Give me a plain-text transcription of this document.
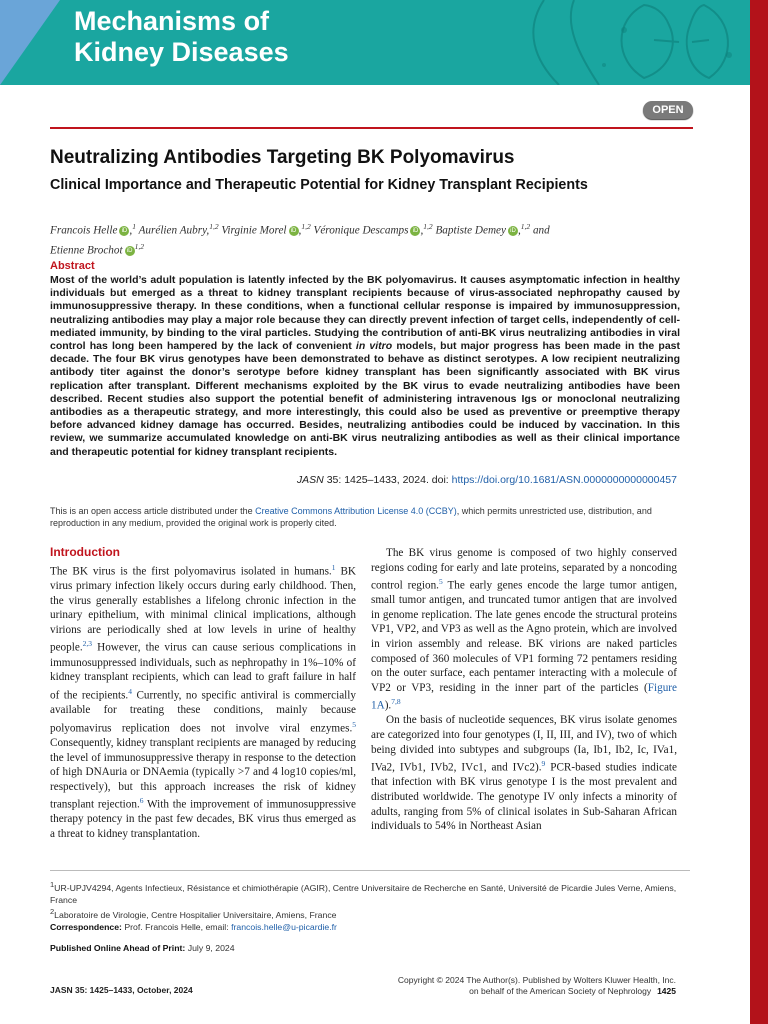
Mechanisms of
Kidney Diseases
OPEN
Neutralizing Antibodies Targeting BK Polyomavirus
Clinical Importance and Therapeutic Potential for Kidney Transplant Recipients
Francois Helle iD ,$^1$ Aurélien Aubry,$^{1,2}$ Virginie Morel iD ,$^{1,2}$ Véronique Descamps iD ,$^{1,2}$ Baptiste Demey iD ,$^{1,2}$ and
Etienne Brochot iD$^{1,2}$
Abstract
Most of the world’s adult population is latently infected by the BK polyomavirus. It causes asymptomatic infection in healthy individuals but emerged as a threat to kidney transplant recipients because of virus-associated nephropathy caused by immunosuppressive therapy. In these conditions, when a functional cellular response is impaired by immunosuppression, neutralizing antibodies may play a major role because they can directly prevent infection of target cells, independently of cell-mediated immunity, by binding to the viral particles. Studying the contribution of anti-BK virus neutralizing antibodies in viral control has long been hampered by the lack of convenient in vitro models, but major progress has been made in the past decade. The four BK virus genotypes have been demonstrated to behave as distinct serotypes. A low recipient neutralizing antibody titer against the donor’s serotype before kidney transplant has been significantly associated with BK virus replication after transplant. Different mechanisms exploited by the BK virus to evade neutralizing antibodies have been described. Recent studies also support the potential benefit of administering intravenous Igs or monoclonal neutralizing antibodies as a therapeutic strategy, and more interestingly, this could also be used as preventive or preemptive therapy before advanced kidney damage has occurred. Besides, neutralizing antibodies could be induced by vaccination. In this review, we summarize accumulated knowledge on anti-BK virus neutralizing antibodies as well as their clinical importance and therapeutic potential for kidney transplant recipients.
JASN 35: 1425–1433, 2024. doi: https://doi.org/10.1681/ASN.0000000000000457
This is an open access article distributed under the Creative Commons Attribution License 4.0 (CCBY), which permits unrestricted use, distribution, and reproduction in any medium, provided the original work is properly cited.
Introduction

The BK virus is the first polyomavirus isolated in humans.$^1$ BK virus primary infection likely occurs during early childhood. Then, the virus generally establishes a lifelong chronic infection in the urinary epithelium, with minimal clinical implications, although virions are periodically shed at low levels in urine of healthy people.$^{2,3}$ However, the virus can cause serious complications in immunosuppressed individuals, such as nephropathy in 1%–10% of kidney transplant recipients, which can lead to graft failure in half of the recipients.$^4$ Currently, no specific antiviral is commercially available for treating these conditions, mainly because polyomavirus replication does not involve viral enzymes.$^5$ Consequently, kidney transplant recipients are managed by reducing the level of immunosuppressive therapy in response to the detection of high DNAuria or DNAemia (typically >7 and 4 log10 copies/ml, respectively), but this approach increases the risk of kidney transplant rejection.$^6$ With the improvement of immunosuppressive therapy potency in the past few decades, BK virus thus emerged as a threat to kidney transplantation.

The BK virus genome is composed of two highly conserved regions coding for early and late proteins, separated by a noncoding control region.$^5$ The early genes encode the large tumor antigen, small tumor antigen, and truncated tumor antigen that are involved in genome replication. The late genes encode the structural proteins VP1, VP2, and VP3 as well as the Agno protein, which are involved in virion assembly and release. BK virions are naked particles composed of 360 molecules of VP1 forming 72 pentamers residing on the outer surface, each pentamer interacting with a molecule of VP2 or VP3, residing in the inner part of the particles (Figure 1A).$^{7,8}$

On the basis of nucleotide sequences, BK virus isolate genomes are categorized into four genotypes (I, II, III, and IV), two of which being divided into subtypes and subgroups (Ia, Ib1, Ib2, Ic, IVa1, IVa2, IVb1, IVb2, IVc1, and IVc2).$^9$ PCR-based studies indicate that infection with BK virus genotype I is the most prevalent and distributed worldwide. The genotype IV only infects a minority of adults, ranging from 5% of clinical isolates in Sub-Saharan African individuals to 54% in Northeast Asian

$^1$UR-UPJV4294, Agents Infectieux, Résistance et chimiothérapie (AGIR), Centre Universitaire de Recherche en Santé, Université de Picardie Jules Verne, Amiens, France
$^2$Laboratoire de Virologie, Centre Hospitalier Universitaire, Amiens, France
Correspondence: Prof. Francois Helle, email: francois.helle@u-picardie.fr
Published Online Ahead of Print: July 9, 2024
JASN 35: 1425–1433, October, 2024
Copyright © 2024 The Author(s). Published by Wolters Kluwer Health, Inc.
on behalf of the American Society of Nephrology 1425
